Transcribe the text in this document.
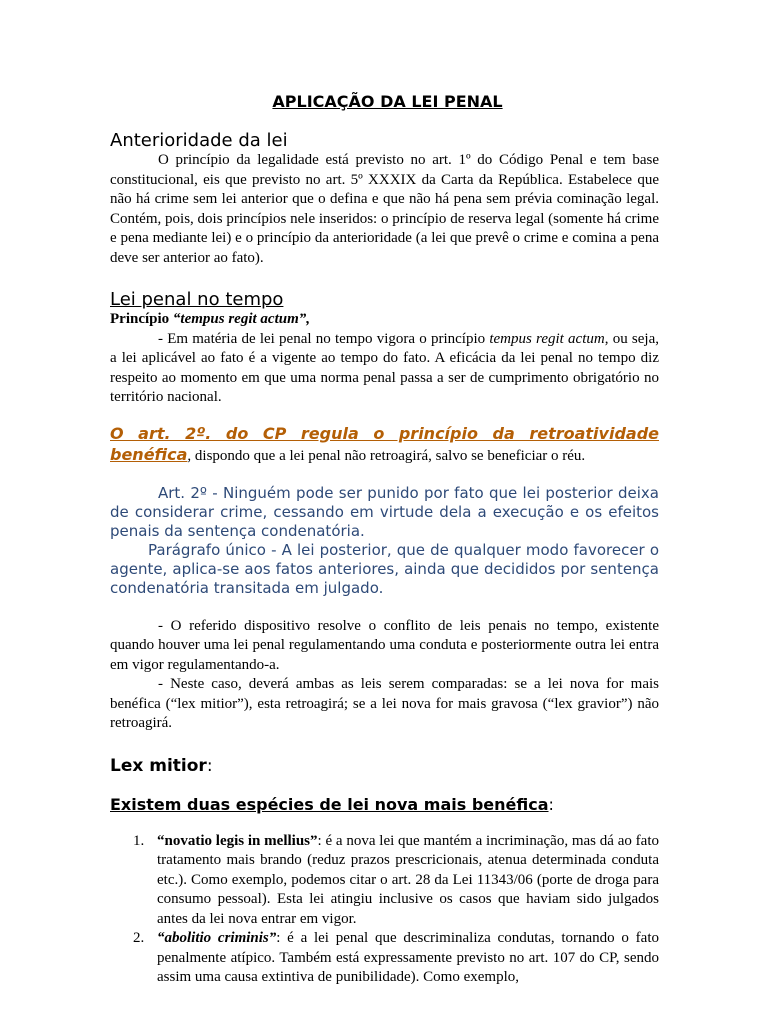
APLICAÇÃO DA LEI PENAL
Anterioridade da lei

O princípio da legalidade está previsto no art. 1º do Código Penal e tem base constitucional, eis que previsto no art. 5º XXXIX da Carta da República. Estabelece que não há crime sem lei anterior que o defina e que não há pena sem prévia cominação legal. Contém, pois, dois princípios nele inseridos: o princípio de reserva legal (somente há crime e pena mediante lei) e o princípio da anterioridade (a lei que prevê o crime e comina a pena deve ser anterior ao fato).

Lei penal no tempo

Princípio “tempus regit actum”,

- Em matéria de lei penal no tempo vigora o princípio tempus regit actum, ou seja, a lei aplicável ao fato é a vigente ao tempo do fato. A eficácia da lei penal no tempo diz respeito ao momento em que uma norma penal passa a ser de cumprimento obrigatório no território nacional.

O art. 2º. do CP regula o princípio da retroatividade benéfica, dispondo que a lei penal não retroagirá, salvo se beneficiar o réu.

Art. 2º - Ninguém pode ser punido por fato que lei posterior deixa de considerar crime, cessando em virtude dela a execução e os efeitos penais da sentença condenatória.

Parágrafo único - A lei posterior, que de qualquer modo favorecer o agente, aplica-se aos fatos anteriores, ainda que decididos por sentença condenatória transitada em julgado.

- O referido dispositivo resolve o conflito de leis penais no tempo, existente quando houver uma lei penal regulamentando uma conduta e posteriormente outra lei entra em vigor regulamentando-a.

- Neste caso, deverá ambas as leis serem comparadas: se a lei nova for mais benéfica (“lex mitior”), esta retroagirá; se a lei nova for mais gravosa (“lex gravior”) não retroagirá.

Lex mitior:
Existem duas espécies de lei nova mais benéfica:
1. “novatio legis in mellius”: é a nova lei que mantém a incriminação, mas dá ao fato tratamento mais brando (reduz prazos prescricionais, atenua determinada conduta etc.). Como exemplo, podemos citar o art. 28 da Lei 11343/06 (porte de droga para consumo pessoal). Esta lei atingiu inclusive os casos que haviam sido julgados antes da lei nova entrar em vigor.
2. “abolitio criminis”: é a lei penal que descriminaliza condutas, tornando o fato penalmente atípico. Também está expressamente previsto no art. 107 do CP, sendo assim uma causa extintiva de punibilidade). Como exemplo,
